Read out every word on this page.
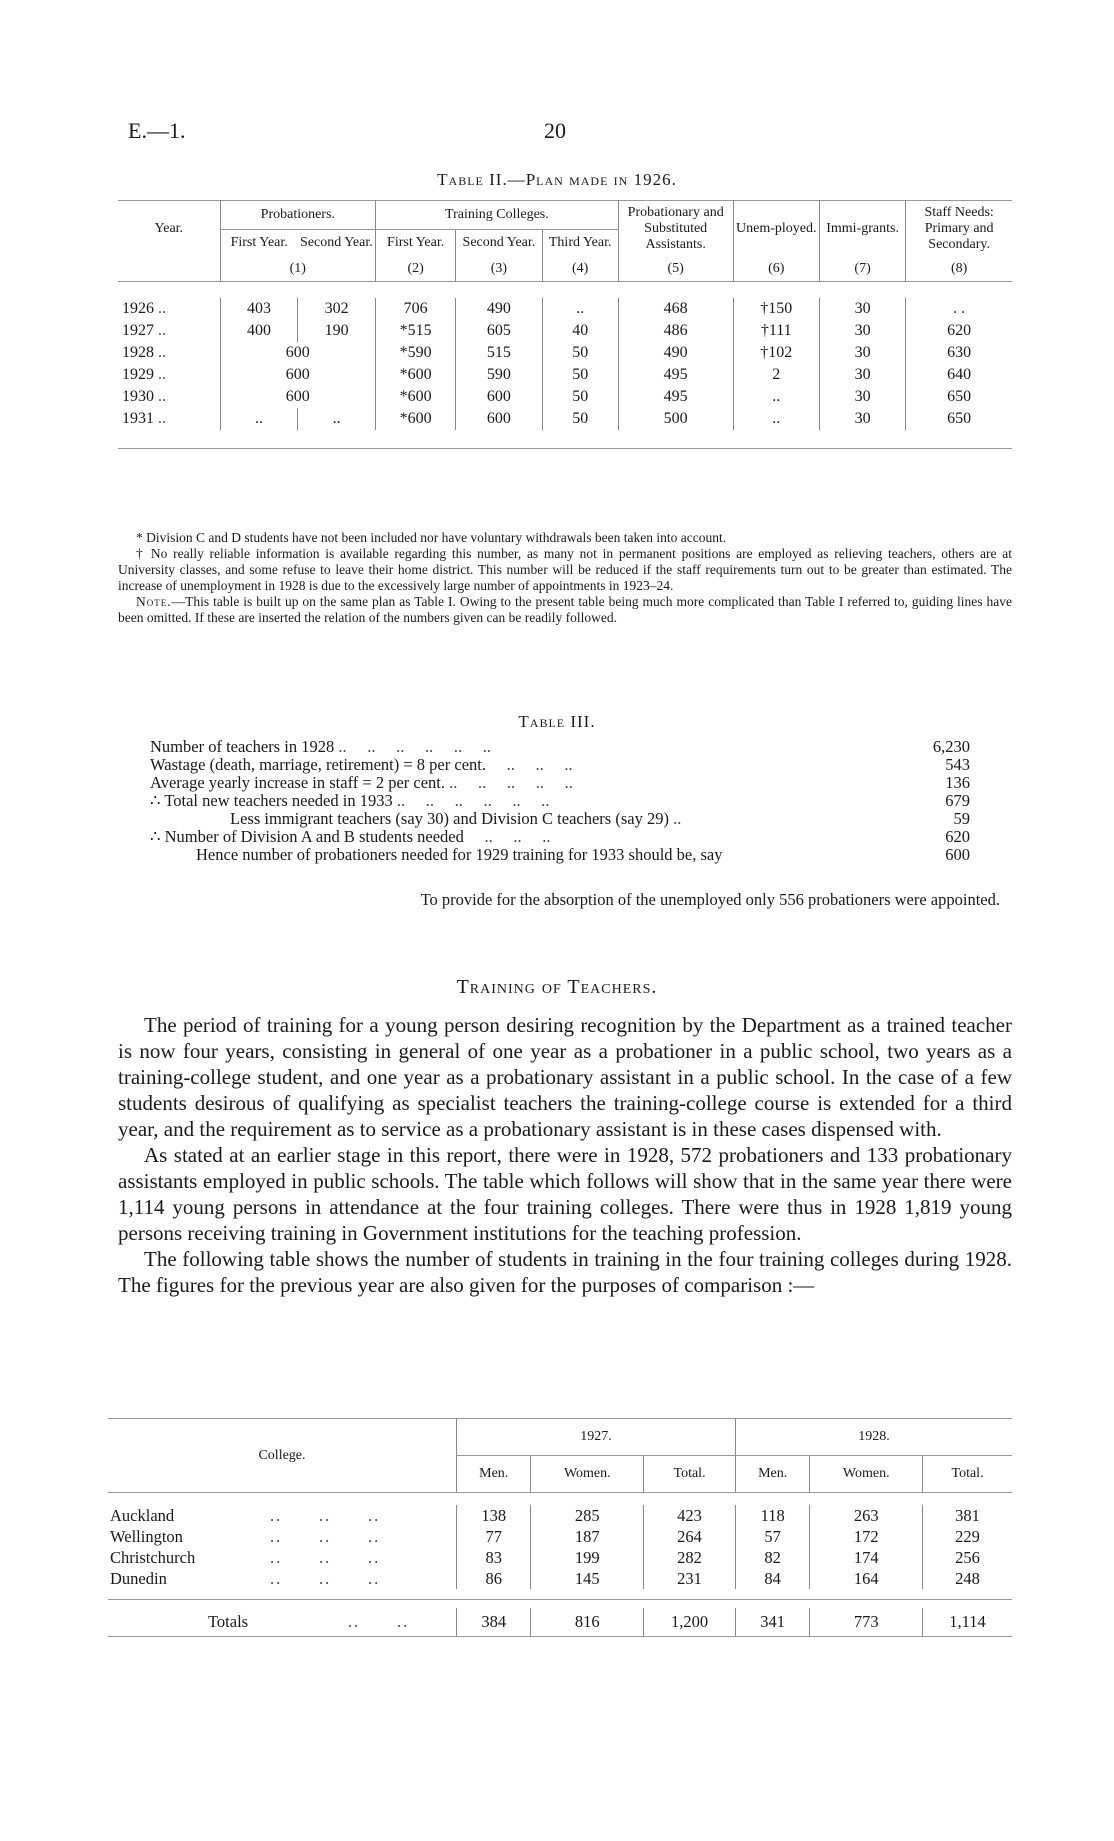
E.—1.	20
Table II.—Plan made in 1926.
Year.	Probationers.		Training Colleges.			Probationary and Substituted Assistants.	Unem-ployed.	Immi-grants.	Staff Needs: Primary and Secondary.
	First Year.	Second Year.	First Year.	Second Year.	Third Year.				
	(1)		(2)	(3)	(4)	(5)	(6)	(7)	(8)

1926 ..	403	302	706	490	..	468	†150	30	. .
1927 ..	400	190	*515	605	40	486	†111	30	620
1928 ..	600		*590	515	50	490	†102	30	630
1929 ..	600		*600	590	50	495	2	30	640
1930 ..	600		*600	600	50	495	..	30	650
1931 ..	..	..	*600	600	50	500	..	30	650

* Division C and D students have not been included nor have voluntary withdrawals been taken into account.

† No really reliable information is available regarding this number, as many not in permanent positions are employed as relieving teachers, others are at University classes, and some refuse to leave their home district. This number will be reduced if the staff requirements turn out to be greater than estimated. The increase of unemployment in 1928 is due to the excessively large number of appointments in 1923–24.

Note.—This table is built up on the same plan as Table I. Owing to the present table being much more complicated than Table I referred to, guiding lines have been omitted. If these are inserted the relation of the numbers given can be readily followed.

Table III.
Number of teachers in 1928 ..     ..     ..     ..     ..     ..	6,230
Wastage (death, marriage, retirement) = 8 per cent.     ..     ..     ..	543
Average yearly increase in staff = 2 per cent. ..     ..     ..     ..     ..	136
∴ Total new teachers needed in 1933 ..     ..     ..     ..     ..     ..	679
Less immigrant teachers (say 30) and Division C teachers (say 29) ..	59
∴ Number of Division A and B students needed     ..     ..     ..	620
Hence number of probationers needed for 1929 training for 1933 should be, say	600
To provide for the absorption of the unemployed only 556 probationers were appointed.
Training of Teachers.

The period of training for a young person desiring recognition by the Department as a trained teacher is now four years, consisting in general of one year as a probationer in a public school, two years as a training-college student, and one year as a probationary assistant in a public school. In the case of a few students desirous of qualifying as specialist teachers the training-college course is extended for a third year, and the requirement as to service as a probationary assistant is in these cases dispensed with.

As stated at an earlier stage in this report, there were in 1928, 572 probationers and 133 probationary assistants employed in public schools. The table which follows will show that in the same year there were 1,114 young persons in attendance at the four training colleges. There were thus in 1928 1,819 young persons receiving training in Government institutions for the teaching profession.

The following table shows the number of students in training in the four training colleges during 1928. The figures for the previous year are also given for the purposes of comparison :—

College.	1927.			1928.		
	Men.	Women.	Total.	Men.	Women.	Total.

Auckland ..      ..      ..	138	285	423	118	263	381
Wellington ..      ..      ..	77	187	264	57	172	229
Christchurch ..      ..      ..	83	199	282	82	174	256
Dunedin ..      ..      ..	86	145	231	84	164	248

Totals ..      ..	384	816	1,200	341	773	1,114
